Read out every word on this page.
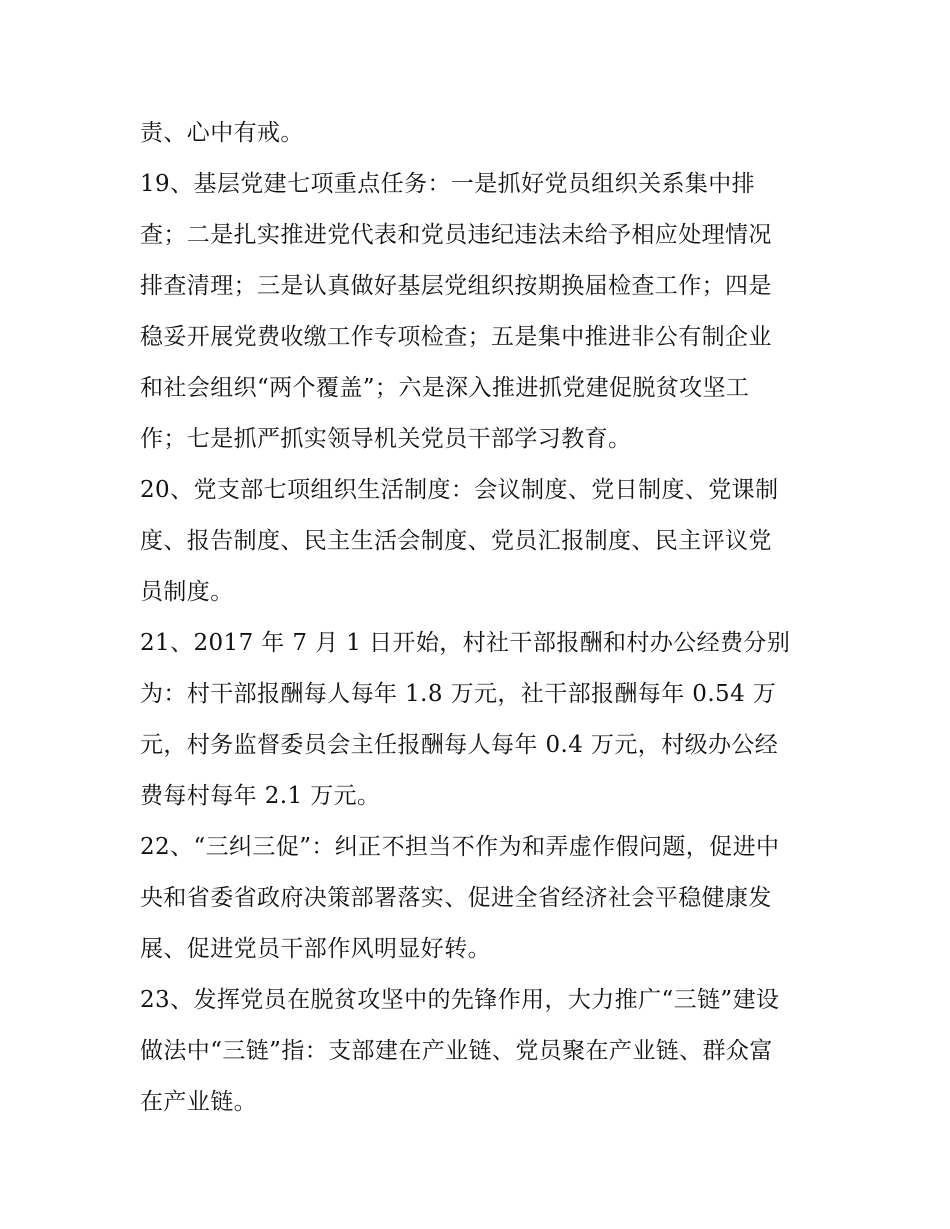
责、心中有戒。
19、基层党建七项重点任务：一是抓好党员组织关系集中排
查；二是扎实推进党代表和党员违纪违法未给予相应处理情况
排查清理；三是认真做好基层党组织按期换届检查工作；四是
稳妥开展党费收缴工作专项检查；五是集中推进非公有制企业
和社会组织“两个覆盖”；六是深入推进抓党建促脱贫攻坚工
作；七是抓严抓实领导机关党员干部学习教育。
20、党支部七项组织生活制度：会议制度、党日制度、党课制
度、报告制度、民主生活会制度、党员汇报制度、民主评议党
员制度。
21、2017 年 7 月 1 日开始，村社干部报酬和村办公经费分别
为：村干部报酬每人每年 1.8 万元，社干部报酬每年 0.54 万
元，村务监督委员会主任报酬每人每年 0.4 万元，村级办公经
费每村每年 2.1 万元。
22、“三纠三促”：纠正不担当不作为和弄虚作假问题，促进中
央和省委省政府决策部署落实、促进全省经济社会平稳健康发
展、促进党员干部作风明显好转。
23、发挥党员在脱贫攻坚中的先锋作用，大力推广“三链”建设
做法中“三链”指：支部建在产业链、党员聚在产业链、群众富
在产业链。
